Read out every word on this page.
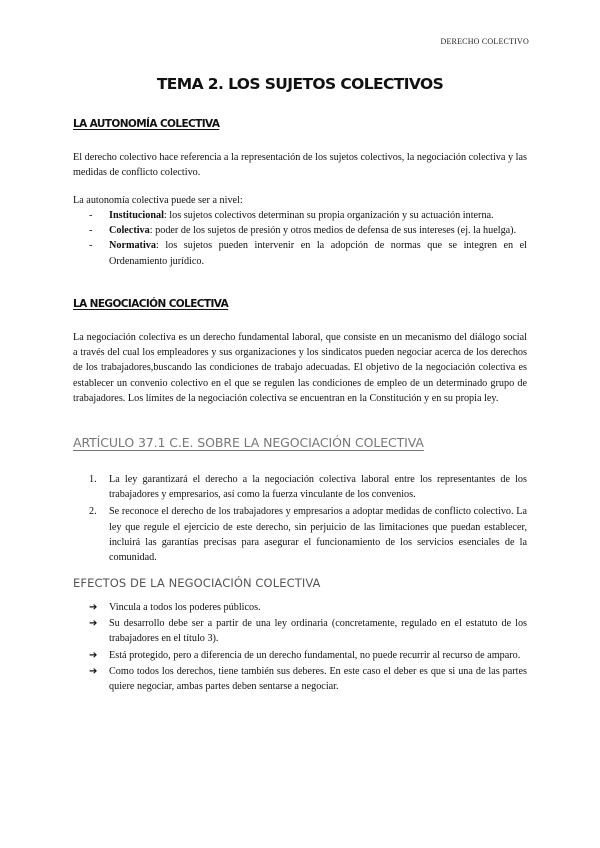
DERECHO COLECTIVO
TEMA 2. LOS SUJETOS COLECTIVOS
LA AUTONOMÍA COLECTIVA

El derecho colectivo hace referencia a la representación de los sujetos colectivos, la negociación colectiva y las medidas de conflicto colectivo.

La autonomía colectiva puede ser a nivel:

- Institucional: los sujetos colectivos determinan su propia organización y su actuación interna.
- Colectiva: poder de los sujetos de presión y otros medios de defensa de sus intereses (ej. la huelga).
- Normativa: los sujetos pueden intervenir en la adopción de normas que se integren en el Ordenamiento jurídico.
LA NEGOCIACIÓN COLECTIVA

La negociación colectiva es un derecho fundamental laboral, que consiste en un mecanismo del diálogo social a través del cual los empleadores y sus organizaciones y los sindicatos pueden negociar acerca de los derechos de los trabajadores,buscando las condiciones de trabajo adecuadas. El objetivo de la negociación colectiva es establecer un convenio colectivo en el que se regulen las condiciones de empleo de un determinado grupo de trabajadores. Los límites de la negociación colectiva se encuentran en la Constitución y en su propia ley.

ARTÍCULO 37.1 C.E. SOBRE LA NEGOCIACIÓN COLECTIVA
1. La ley garantizará el derecho a la negociación colectiva laboral entre los representantes de los trabajadores y empresarios, así como la fuerza vinculante de los convenios.
2. Se reconoce el derecho de los trabajadores y empresarios a adoptar medidas de conflicto colectivo. La ley que regule el ejercicio de este derecho, sin perjuicio de las limitaciones que puedan establecer, incluirá las garantías precisas para asegurar el funcionamiento de los servicios esenciales de la comunidad.
EFECTOS DE LA NEGOCIACIÓN COLECTIVA
➔ Vincula a todos los poderes públicos.
➔ Su desarrollo debe ser a partir de una ley ordinaria (concretamente, regulado en el estatuto de los trabajadores en el título 3).
➔ Está protegido, pero a diferencia de un derecho fundamental, no puede recurrir al recurso de amparo.
➔ Como todos los derechos, tiene también sus deberes. En este caso el deber es que si una de las partes quiere negociar, ambas partes deben sentarse a negociar.
